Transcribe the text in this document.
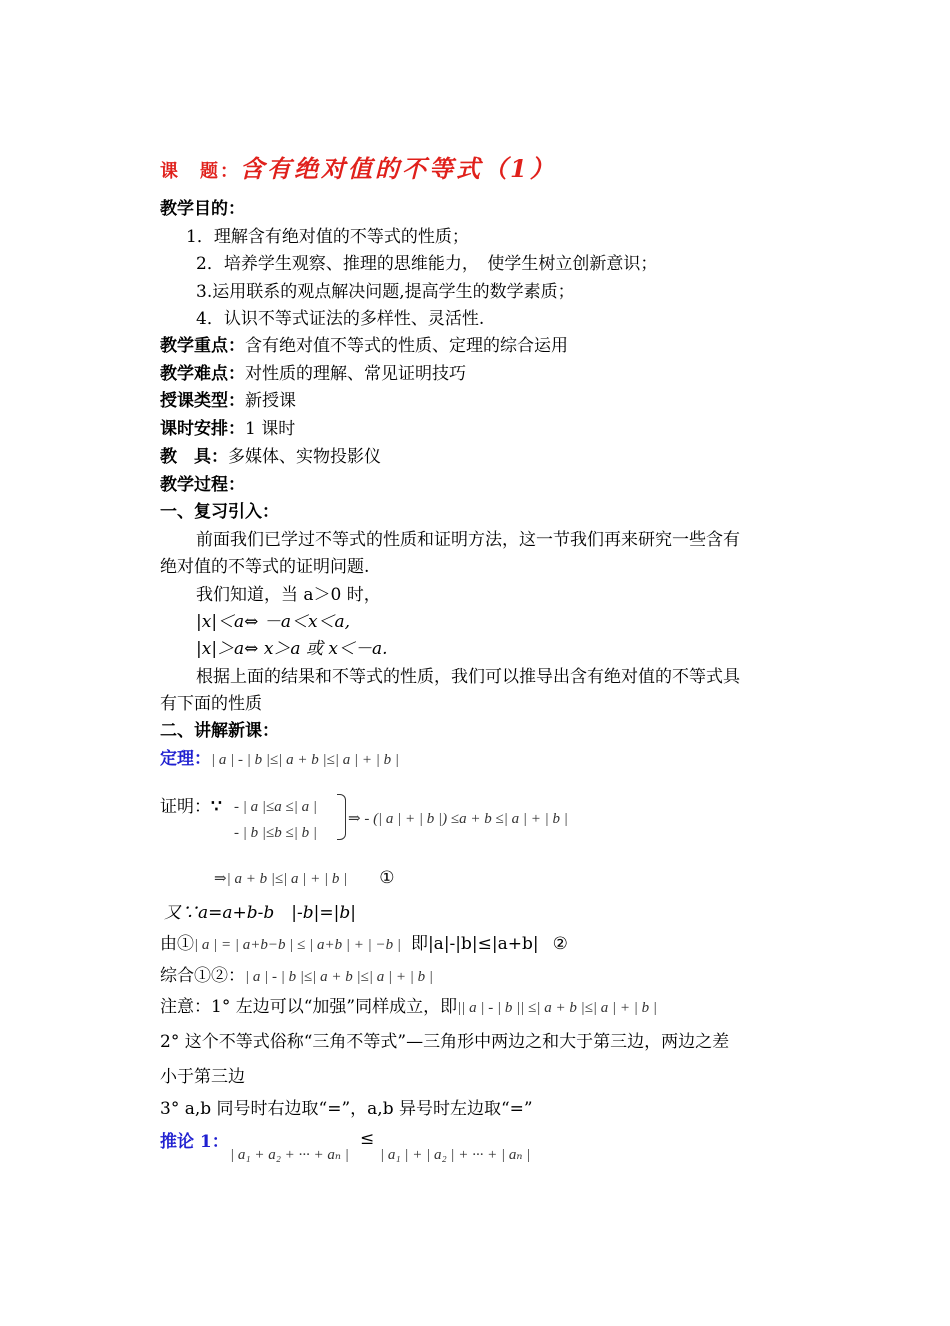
课　题：含有绝对值的不等式（1）
教学目的：
1．理解含有绝对值的不等式的性质；
2．培养学生观察、推理的思维能力，　使学生树立创新意识；
3.运用联系的观点解决问题,提高学生的数学素质；
4．认识不等式证法的多样性、灵活性.
教学重点：含有绝对值不等式的性质、定理的综合运用
教学难点：对性质的理解、常见证明技巧
授课类型：新授课
课时安排：1 课时
教　具：多媒体、实物投影仪
教学过程：
一、复习引入：
前面我们已学过不等式的性质和证明方法，这一节我们再来研究一些含有
绝对值的不等式的证明问题.
我们知道，当 a＞0 时，
|x|＜a⇔ －a＜x＜a,
|x|＞a⇔ x＞a 或 x＜－a.
根据上面的结果和不等式的性质，我们可以推导出含有绝对值的不等式具
有下面的性质
二、讲解新课：
定理：| a | - | b |≤| a + b |≤| a | + | b |
证明：∵ - | a |≤a ≤| a |
- | b |≤b ≤| b |
⇒ - (| a | + | b |) ≤a + b ≤| a | + | b |
⇒| a + b |≤| a | + | b | ①
又∵a=a+b-b　|-b|=|b|
由①| a | = | a+b−b | ≤ | a+b | + | −b | 即|a|-|b|≤|a+b| ②
综合①②：| a | - | b |≤| a + b |≤| a | + | b |
注意：1° 左边可以“加强”同样成立，即|| a | - | b || ≤| a + b |≤| a | + | b |
2° 这个不等式俗称“三角不等式”—三角形中两边之和大于第三边，两边之差
小于第三边
3° a,b 同号时右边取“=”，a,b 异号时左边取“=”
推论 1：
| a₁ + a₂ + ··· + aₙ |
≤
| a₁ | + | a₂ | + ··· + | aₙ |
